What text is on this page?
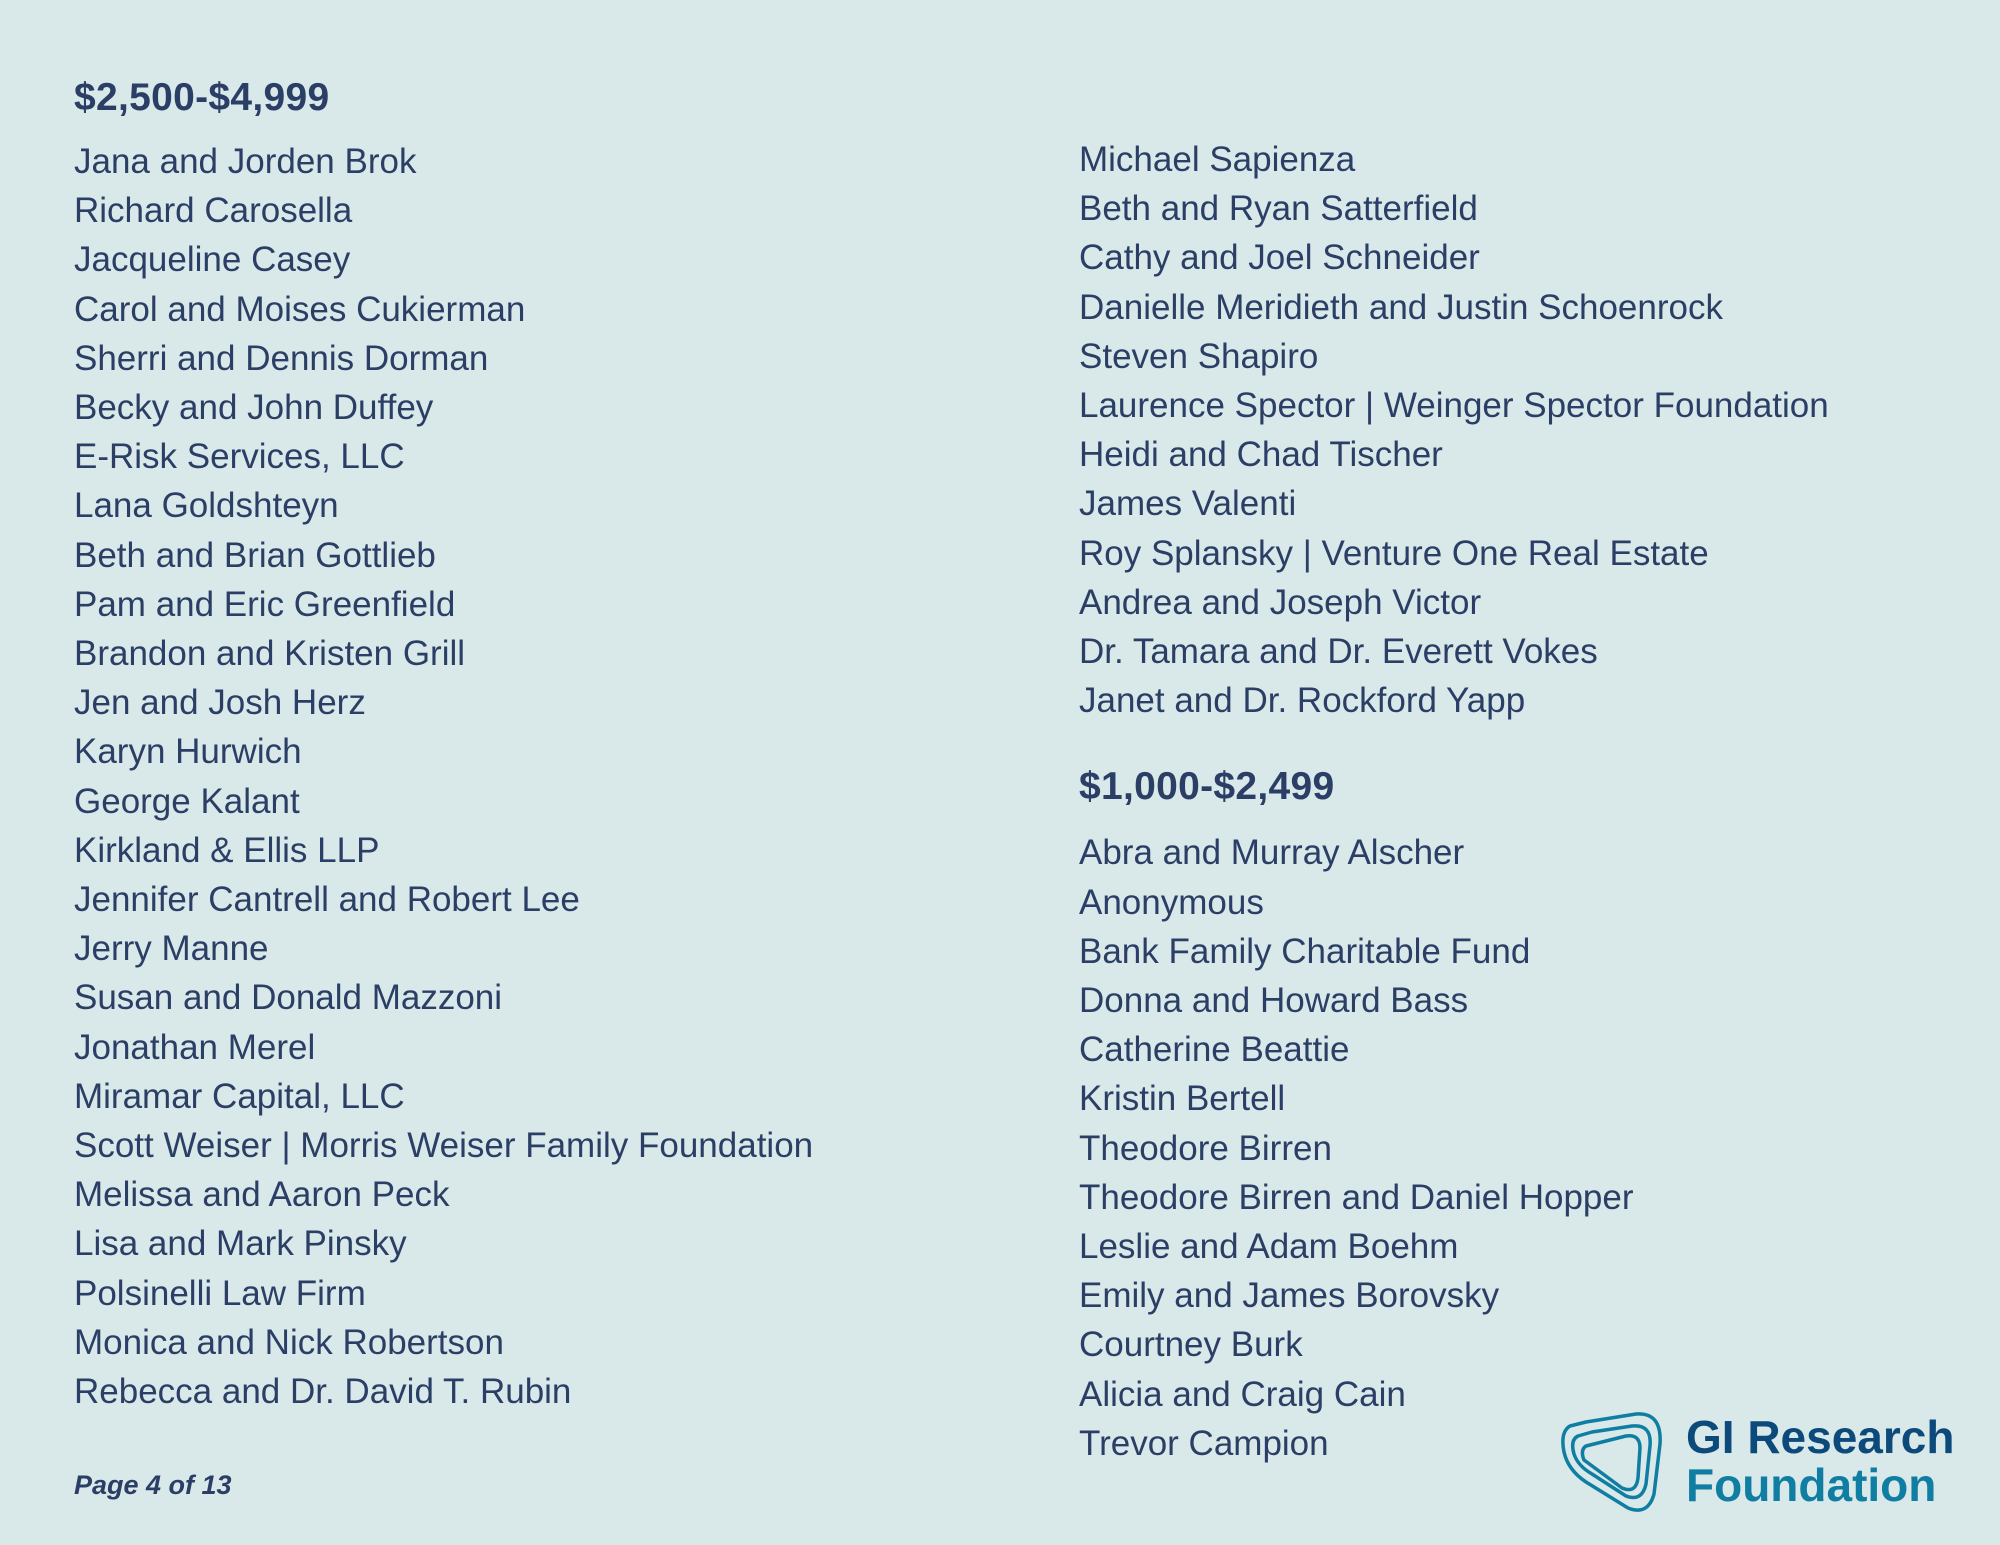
$2,500-$4,999
Jana and Jorden Brok
Richard Carosella
Jacqueline Casey
Carol and Moises Cukierman
Sherri and Dennis Dorman
Becky and John Duffey
E-Risk Services, LLC
Lana Goldshteyn
Beth and Brian Gottlieb
Pam and Eric Greenfield
Brandon and Kristen Grill
Jen and Josh Herz
Karyn Hurwich
George Kalant
Kirkland & Ellis LLP
Jennifer Cantrell and Robert Lee
Jerry Manne
Susan and Donald Mazzoni
Jonathan Merel
Miramar Capital, LLC
Scott Weiser | Morris Weiser Family Foundation
Melissa and Aaron Peck
Lisa and Mark Pinsky
Polsinelli Law Firm
Monica and Nick Robertson
Rebecca and Dr. David T. Rubin
Michael Sapienza
Beth and Ryan Satterfield
Cathy and Joel Schneider
Danielle Meridieth and Justin Schoenrock
Steven Shapiro
Laurence Spector | Weinger Spector Foundation
Heidi and Chad Tischer
James Valenti
Roy Splansky | Venture One Real Estate
Andrea and Joseph Victor
Dr. Tamara and Dr. Everett Vokes
Janet and Dr. Rockford Yapp
$1,000-$2,499
Abra and Murray Alscher
Anonymous
Bank Family Charitable Fund
Donna and Howard Bass
Catherine Beattie
Kristin Bertell
Theodore Birren
Theodore Birren and Daniel Hopper
Leslie and Adam Boehm
Emily and James Borovsky
Courtney Burk
Alicia and Craig Cain
Trevor Campion
Page 4 of 13
GI Research
Foundation
